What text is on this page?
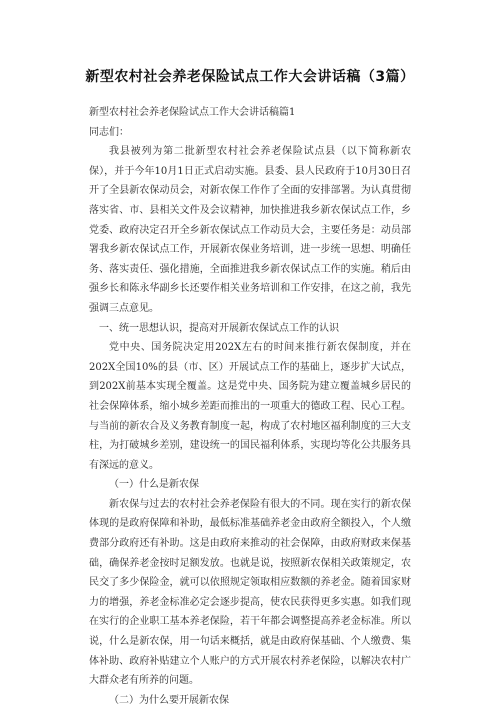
新型农村社会养老保险试点工作大会讲话稿（3篇）

新型农村社会养老保险试点工作大会讲话稿篇1

同志们：

我县被列为第二批新型农村社会养老保险试点县（以下简称新农保），并于今年10月1日正式启动实施。县委、县人民政府于10月30日召开了全县新农保动员会，对新农保工作作了全面的安排部署。为认真贯彻落实省、市、县相关文件及会议精神，加快推进我乡新农保试点工作，乡党委、政府决定召开全乡新农保试点工作动员大会，主要任务是：动员部署我乡新农保试点工作，开展新农保业务培训，进一步统一思想、明确任务、落实责任、强化措施，全面推进我乡新农保试点工作的实施。稍后由强乡长和陈永华副乡长还要作相关业务培训和工作安排，在这之前，我先强调三点意见。

一、统一思想认识，提高对开展新农保试点工作的认识

党中央、国务院决定用202X左右的时间来推行新农保制度，并在202X全国10%的县（市、区）开展试点工作的基础上，逐步扩大试点，到202X前基本实现全覆盖。这是党中央、国务院为建立覆盖城乡居民的社会保障体系，缩小城乡差距而推出的一项重大的德政工程、民心工程。与当前的新农合及义务教育制度一起，构成了农村地区福利制度的三大支柱，为打破城乡差别，建设统一的国民福利体系，实现均等化公共服务具有深远的意义。

（一）什么是新农保

新农保与过去的农村社会养老保险有很大的不同。现在实行的新农保体现的是政府保障和补助，最低标准基础养老金由政府全额投入，个人缴费部分政府还有补助。这是由政府来推动的社会保障，由政府财政来保基础，确保养老金按时足额发放。也就是说，按照新农保相关政策规定，农民交了多少保险金，就可以依照规定领取相应数额的养老金。随着国家财力的增强，养老金标准必定会逐步提高，使农民获得更多实惠。如我们现在实行的企业职工基本养老保险，若干年都会调整提高养老金标准。所以说，什么是新农保，用一句话来概括，就是由政府保基础、个人缴费、集体补助、政府补贴建立个人账户的方式开展农村养老保险，以解决农村广大群众老有所养的问题。

（二）为什么要开展新农保
